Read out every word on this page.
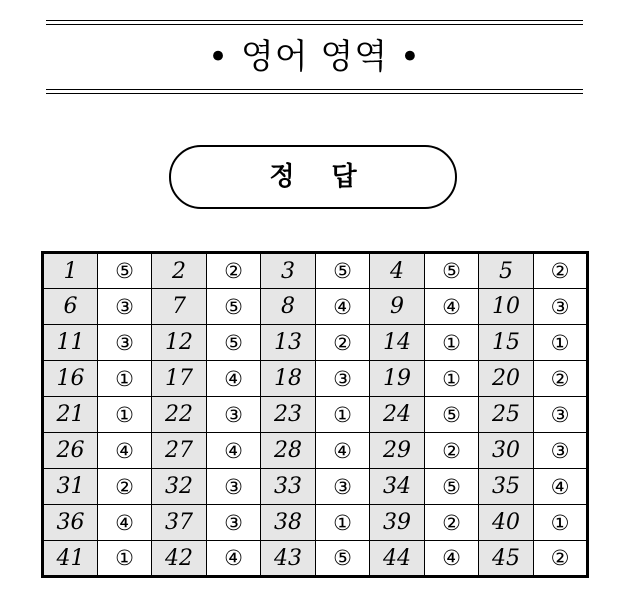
• 영어 영역 •
정 답
1	⑤	2	②	3	⑤	4	⑤	5	②
6	③	7	⑤	8	④	9	④	10	③
11	③	12	⑤	13	②	14	①	15	①
16	①	17	④	18	③	19	①	20	②
21	①	22	③	23	①	24	⑤	25	③
26	④	27	④	28	④	29	②	30	③
31	②	32	③	33	③	34	⑤	35	④
36	④	37	③	38	①	39	②	40	①
41	①	42	④	43	⑤	44	④	45	②
